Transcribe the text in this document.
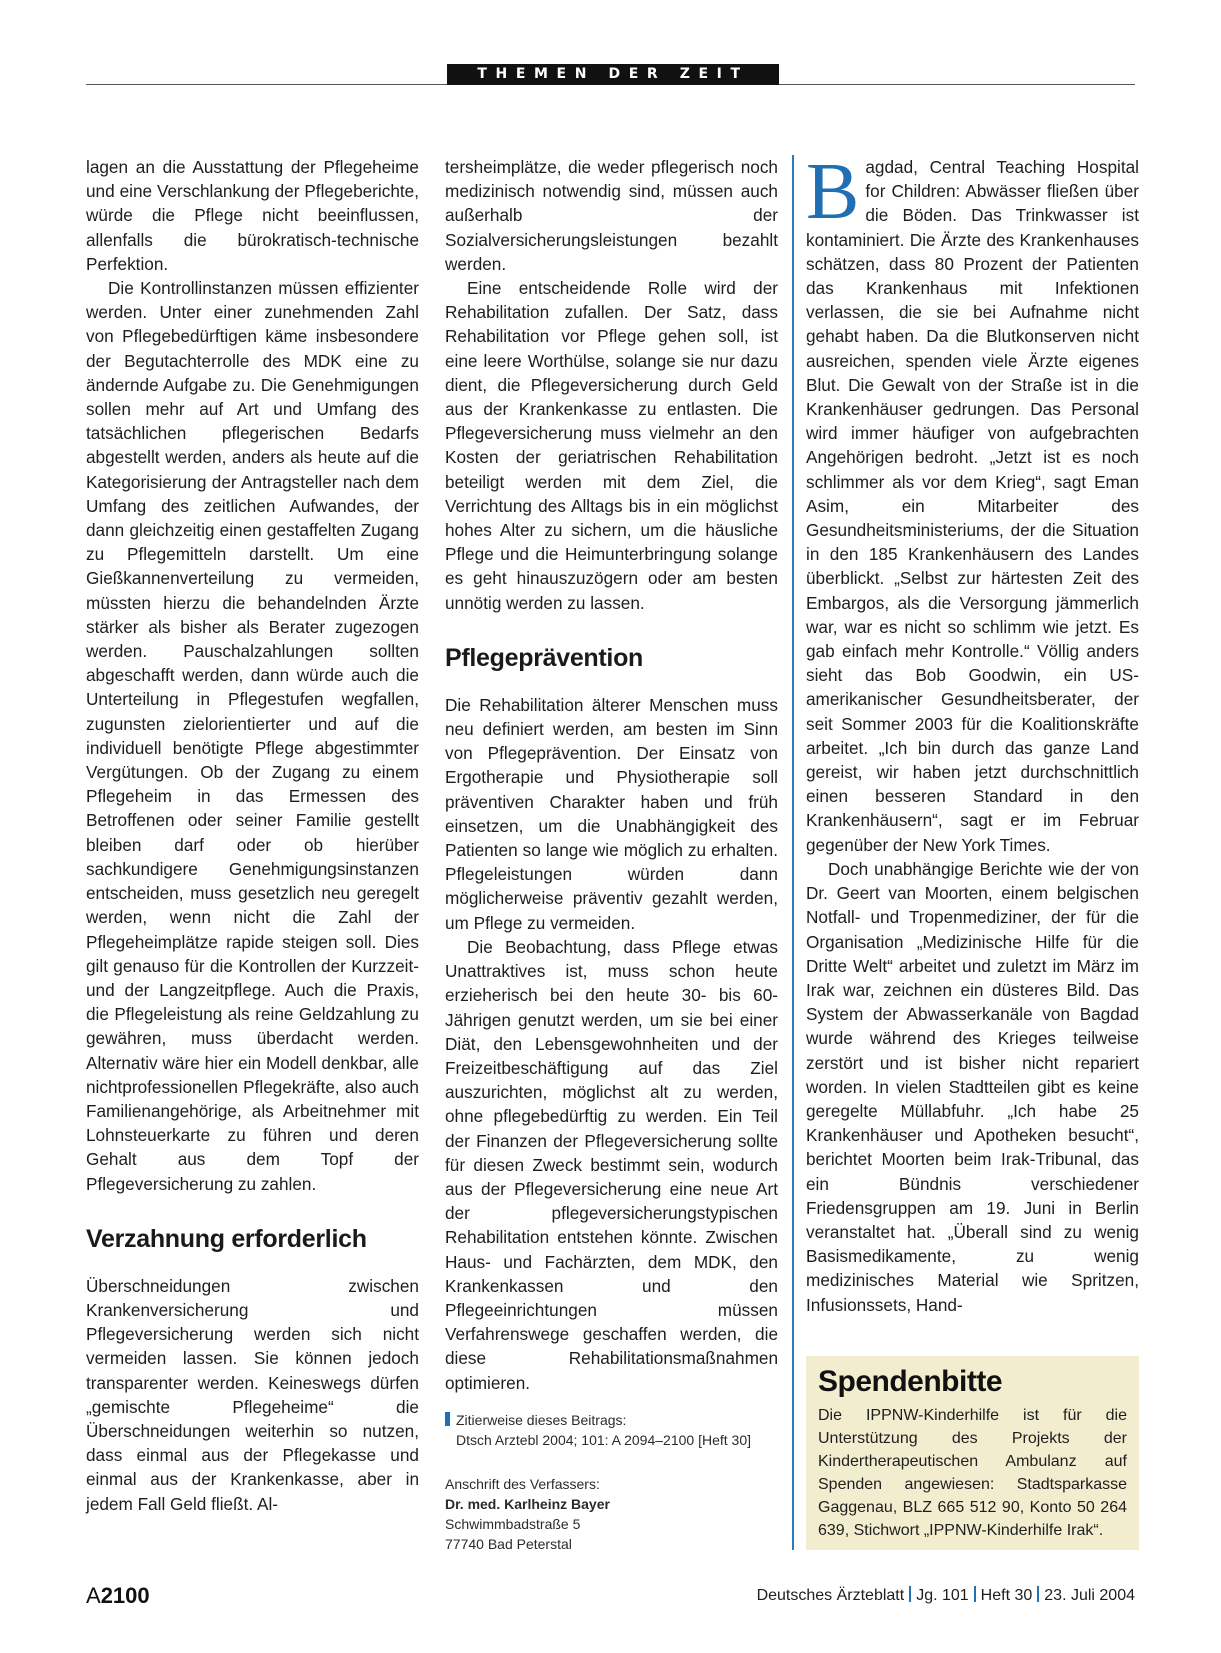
THEMEN DER ZEIT

lagen an die Ausstattung der Pflegeheime und eine Verschlankung der Pflegeberichte, würde die Pflege nicht beeinflussen, allenfalls die bürokratisch-technische Perfektion.

Die Kontrollinstanzen müssen effizienter werden. Unter einer zunehmenden Zahl von Pflegebedürftigen käme insbesondere der Begutachterrolle des MDK eine zu ändernde Aufgabe zu. Die Genehmigungen sollen mehr auf Art und Umfang des tatsächlichen pflegerischen Bedarfs abgestellt werden, anders als heute auf die Kategorisierung der Antragsteller nach dem Umfang des zeitlichen Aufwandes, der dann gleichzeitig einen gestaffelten Zugang zu Pflegemitteln darstellt. Um eine Gießkannenverteilung zu vermeiden, müssten hierzu die behandelnden Ärzte stärker als bisher als Berater zugezogen werden. Pauschalzahlungen sollten abgeschafft werden, dann würde auch die Unterteilung in Pflegestufen wegfallen, zugunsten zielorientierter und auf die individuell benötigte Pflege abgestimmter Vergütungen. Ob der Zugang zu einem Pflegeheim in das Ermessen des Betroffenen oder seiner Familie gestellt bleiben darf oder ob hierüber sachkundigere Genehmigungsinstanzen entscheiden, muss gesetzlich neu geregelt werden, wenn nicht die Zahl der Pflegeheimplätze rapide steigen soll. Dies gilt genauso für die Kontrollen der Kurzzeit- und der Langzeitpflege. Auch die Praxis, die Pflegeleistung als reine Geldzahlung zu gewähren, muss überdacht werden. Alternativ wäre hier ein Modell denkbar, alle nichtprofessionellen Pflegekräfte, also auch Familienangehörige, als Arbeitnehmer mit Lohnsteuerkarte zu führen und deren Gehalt aus dem Topf der Pflegeversicherung zu zahlen.

Verzahnung erforderlich

Überschneidungen zwischen Krankenversicherung und Pflegeversicherung werden sich nicht vermeiden lassen. Sie können jedoch transparenter werden. Keineswegs dürfen „gemischte Pflegeheime“ die Überschneidungen weiterhin so nutzen, dass einmal aus der Pflegekasse und einmal aus der Krankenkasse, aber in jedem Fall Geld fließt. Al-

tersheimplätze, die weder pflegerisch noch medizinisch notwendig sind, müssen auch außerhalb der Sozialversicherungsleistungen bezahlt werden.

Eine entscheidende Rolle wird der Rehabilitation zufallen. Der Satz, dass Rehabilitation vor Pflege gehen soll, ist eine leere Worthülse, solange sie nur dazu dient, die Pflegeversicherung durch Geld aus der Krankenkasse zu entlasten. Die Pflegeversicherung muss vielmehr an den Kosten der geriatrischen Rehabilitation beteiligt werden mit dem Ziel, die Verrichtung des Alltags bis in ein möglichst hohes Alter zu sichern, um die häusliche Pflege und die Heimunterbringung solange es geht hinauszuzögern oder am besten unnötig werden zu lassen.

Pflegeprävention

Die Rehabilitation älterer Menschen muss neu definiert werden, am besten im Sinn von Pflegeprävention. Der Einsatz von Ergotherapie und Physiotherapie soll präventiven Charakter haben und früh einsetzen, um die Unabhängigkeit des Patienten so lange wie möglich zu erhalten. Pflegeleistungen würden dann möglicherweise präventiv gezahlt werden, um Pflege zu vermeiden.

Die Beobachtung, dass Pflege etwas Unattraktives ist, muss schon heute erzieherisch bei den heute 30- bis 60-Jährigen genutzt werden, um sie bei einer Diät, den Lebensgewohnheiten und der Freizeitbeschäftigung auf das Ziel auszurichten, möglichst alt zu werden, ohne pflegebedürftig zu werden. Ein Teil der Finanzen der Pflegeversicherung sollte für diesen Zweck bestimmt sein, wodurch aus der Pflegeversicherung eine neue Art der pflegeversicherungstypischen Rehabilitation entstehen könnte. Zwischen Haus- und Fachärzten, dem MDK, den Krankenkassen und den Pflegeeinrichtungen müssen Verfahrenswege geschaffen werden, die diese Rehabilitationsmaßnahmen optimieren.

Zitierweise dieses Beitrags:
Dtsch Arztebl 2004; 101: A 2094–2100 [Heft 30]
Anschrift des Verfassers:
Dr. med. Karlheinz Bayer
Schwimmbadstraße 5
77740 Bad Peterstal

Bagdad, Central Teaching Hospital for Children: Abwässer fließen über die Böden. Das Trinkwasser ist kontaminiert. Die Ärzte des Krankenhauses schätzen, dass 80 Prozent der Patienten das Krankenhaus mit Infektionen verlassen, die sie bei Aufnahme nicht gehabt haben. Da die Blutkonserven nicht ausreichen, spenden viele Ärzte eigenes Blut. Die Gewalt von der Straße ist in die Krankenhäuser gedrungen. Das Personal wird immer häufiger von aufgebrachten Angehörigen bedroht. „Jetzt ist es noch schlimmer als vor dem Krieg“, sagt Eman Asim, ein Mitarbeiter des Gesundheitsministeriums, der die Situation in den 185 Krankenhäusern des Landes überblickt. „Selbst zur härtesten Zeit des Embargos, als die Versorgung jämmerlich war, war es nicht so schlimm wie jetzt. Es gab einfach mehr Kontrolle.“ Völlig anders sieht das Bob Goodwin, ein US-amerikanischer Gesundheitsberater, der seit Sommer 2003 für die Koalitionskräfte arbeitet. „Ich bin durch das ganze Land gereist, wir haben jetzt durchschnittlich einen besseren Standard in den Krankenhäusern“, sagt er im Februar gegenüber der New York Times.

Doch unabhängige Berichte wie der von Dr. Geert van Moorten, einem belgischen Notfall- und Tropenmediziner, der für die Organisation „Medizinische Hilfe für die Dritte Welt“ arbeitet und zuletzt im März im Irak war, zeichnen ein düsteres Bild. Das System der Abwasserkanäle von Bagdad wurde während des Krieges teilweise zerstört und ist bisher nicht repariert worden. In vielen Stadtteilen gibt es keine geregelte Müllabfuhr. „Ich habe 25 Krankenhäuser und Apotheken besucht“, berichtet Moorten beim Irak-Tribunal, das ein Bündnis verschiedener Friedensgruppen am 19. Juni in Berlin veranstaltet hat. „Überall sind zu wenig Basismedikamente, zu wenig medizinisches Material wie Spritzen, Infusionssets, Hand-

Spendenbitte
Die IPPNW-Kinderhilfe ist für die Unterstützung des Projekts der Kindertherapeutischen Ambulanz auf Spenden angewiesen: Stadtsparkasse Gaggenau, BLZ 665 512 90, Konto 50 264 639, Stichwort „IPPNW-Kinderhilfe Irak“.
A2100	Deutsches Ärzteblatt Jg. 101 Heft 30 23. Juli 2004
